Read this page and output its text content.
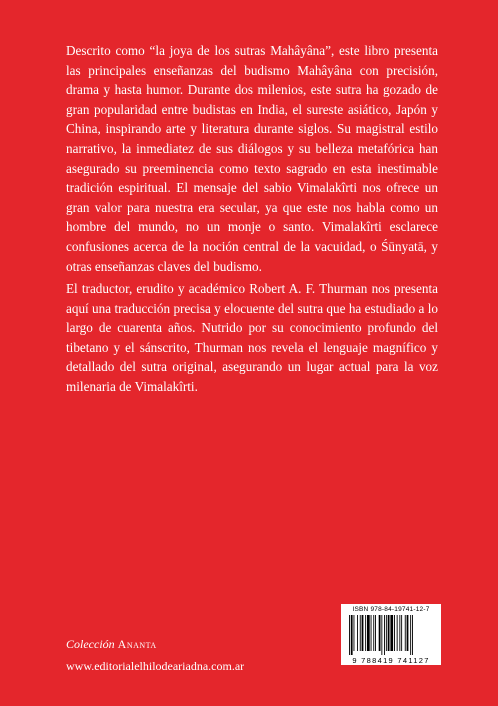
Descrito como “la joya de los sutras Mahâyâna”, este libro presenta las principales enseñanzas del budismo Mahâyâna con precisión, drama y hasta humor. Durante dos milenios, este sutra ha gozado de gran popularidad entre budistas en India, el sureste asiático, Japón y China, inspirando arte y literatura durante siglos. Su magistral estilo narrativo, la inmediatez de sus diálogos y su belleza metafórica han asegurado su preeminencia como texto sagrado en esta inestimable tradición espiritual. El mensaje del sabio Vimalakîrti nos ofrece un gran valor para nuestra era secular, ya que este nos habla como un hombre del mundo, no un monje o santo. Vimalakîrti esclarece confusiones acerca de la noción central de la vacuidad, o Śūnyatā, y otras enseñanzas claves del budismo.

El traductor, erudito y académico Robert A. F. Thurman nos presenta aquí una traducción precisa y elocuente del sutra que ha estudiado a lo largo de cuarenta años. Nutrido por su conocimiento profundo del tibetano y el sánscrito, Thurman nos revela el lenguaje magnífico y detallado del sutra original, asegurando un lugar actual para la voz milenaria de Vimalakîrti.

Colección Ananta
www.editorialelhilodeariadna.com.ar
ISBN 978-84-19741-12-7
9 788419 741127
